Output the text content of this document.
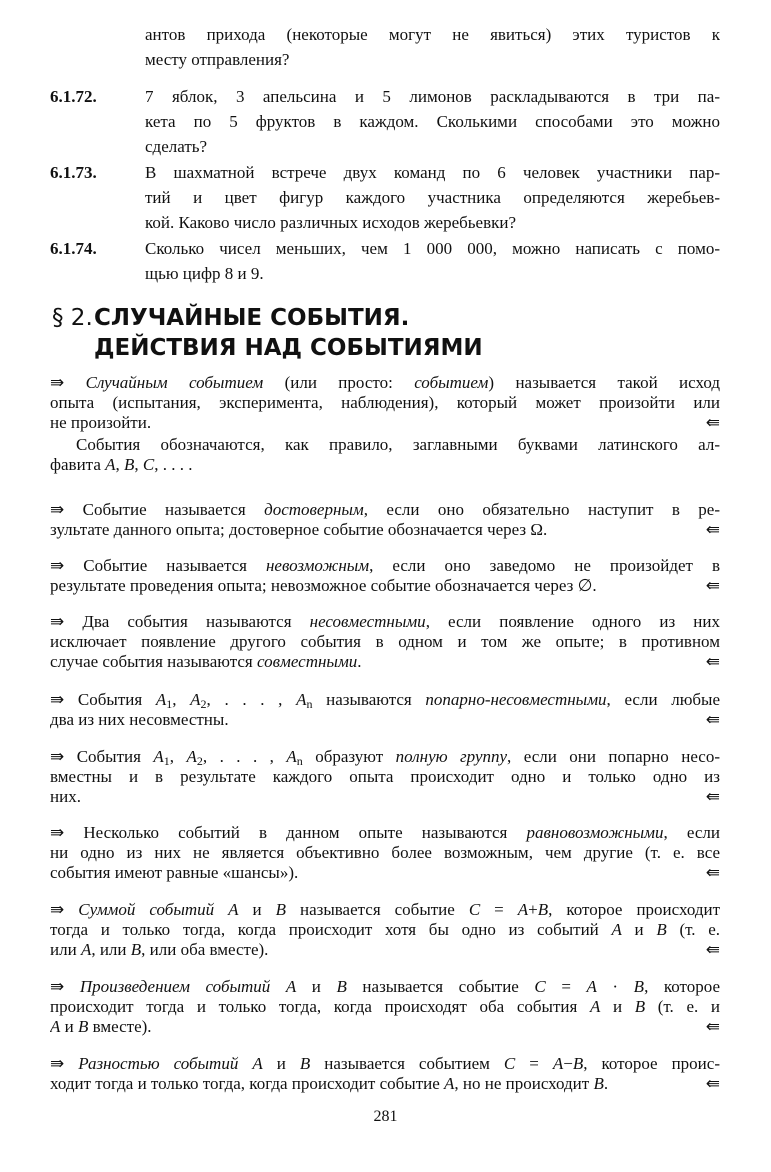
антов прихода (некоторые могут не явиться) этих туристов к
месту отправления?
6.1.72.	7 яблок, 3 апельсина и 5 лимонов раскладываются в три па-
кета по 5 фруктов в каждом. Сколькими способами это можно
сделать?
6.1.73.	В шахматной встрече двух команд по 6 человек участники пар-
тий и цвет фигур каждого участника определяются жеребьев-
кой. Каково число различных исходов жеребьевки?
6.1.74.	Сколько чисел меньших, чем 1 000 000, можно написать с помо-
щью цифр 8 и 9.
§ 2. СЛУЧАЙНЫЕ СОБЫТИЯ.
ДЕЙСТВИЯ НАД СОБЫТИЯМИ
⇛ Случайным событием (или просто: событием) называется такой исход
опыта (испытания, эксперимента, наблюдения), который может произойти или
не произойти.	⇚
События обозначаются, как правило, заглавными буквами латинского ал-
фавита A, B, C, . . . .
⇛ Событие называется достоверным, если оно обязательно наступит в ре-
зультате данного опыта; достоверное событие обозначается через Ω.	⇚
⇛ Событие называется невозможным, если оно заведомо не произойдет в
результате проведения опыта; невозможное событие обозначается через ∅.	⇚
⇛ Два события называются несовместными, если появление одного из них
исключает появление другого события в одном и том же опыте; в противном
случае события называются совместными.	⇚
⇛ События $A_1$, $A_2$, . . . , $A_n$ называются попарно-несовместными, если любые
два из них несовместны.	⇚
⇛ События $A_1$, $A_2$, . . . , $A_n$ образуют полную группу, если они попарно несо-
вместны и в результате каждого опыта происходит одно и только одно из
них.	⇚
⇛ Несколько событий в данном опыте называются равновозможными, если
ни одно из них не является объективно более возможным, чем другие (т. е. все
события имеют равные «шансы»).	⇚
⇛ Суммой событий A и B называется событие C = A+B, которое происходит
тогда и только тогда, когда происходит хотя бы одно из событий A и B (т. е.
или A, или B, или оба вместе).	⇚
⇛ Произведением событий A и B называется событие C = A · B, которое
происходит тогда и только тогда, когда происходят оба события A и B (т. е. и
A и B вместе).	⇚
⇛ Разностью событий A и B называется событием C = A−B, которое проис-
ходит тогда и только тогда, когда происходит событие A, но не происходит B.	⇚
281
